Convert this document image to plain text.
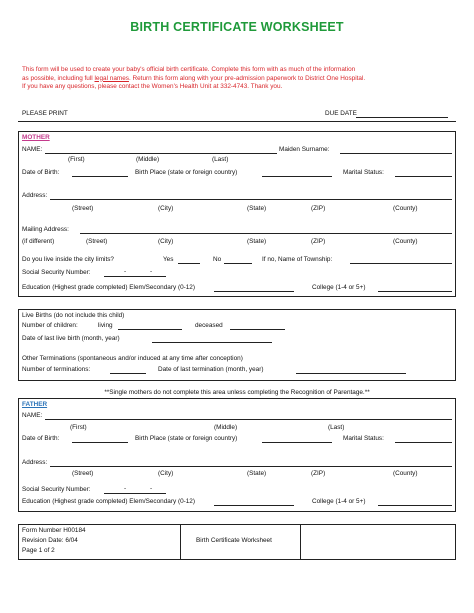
BIRTH CERTIFICATE WORKSHEET
This form will be used to create your baby's official birth certificate. Complete this form with as much of the information
as possible, including full legal names. Return this form along with your pre-admission paperwork to District One Hospital.
If you have any questions, please contact the Women's Health Unit at 332-4743. Thank you.
PLEASE PRINT	DUE DATE
MOTHER
NAME:	Maiden Surname:
(First)	(Middle)	(Last)
Date of Birth:	Birth Place (state or foreign country)	Marital Status:
Address:
(Street)	(City)	(State)	(ZIP)	(County)
Mailing Address:
(if different)	(Street)	(City)	(State)	(ZIP)	(County)
Do you live inside the city limits?	Yes	No	If no, Name of Township:
Social Security Number:	-	-
Education (Highest grade completed) Elem/Secondary (0-12)	College (1-4 or 5+)
Live Births (do not include this child)
Number of children:	living	deceased
Date of last live birth (month, year)
Other Terminations (spontaneous and/or induced at any time after conception)
Number of terminations:	Date of last termination (month, year)
**Single mothers do not complete this area unless completing the Recognition of Parentage.**
FATHER
NAME:
(First)	(Middle)	(Last)
Date of Birth:	Birth Place (state or foreign country)	Marital Status:
Address:
(Street)	(City)	(State)	(ZIP)	(County)
Social Security Number:	-	-
Education (Highest grade completed) Elem/Secondary (0-12)	College (1-4 or 5+)
Form Number H00184
Revision Date: 6/04
Page 1 of 2
Birth Certificate Worksheet
